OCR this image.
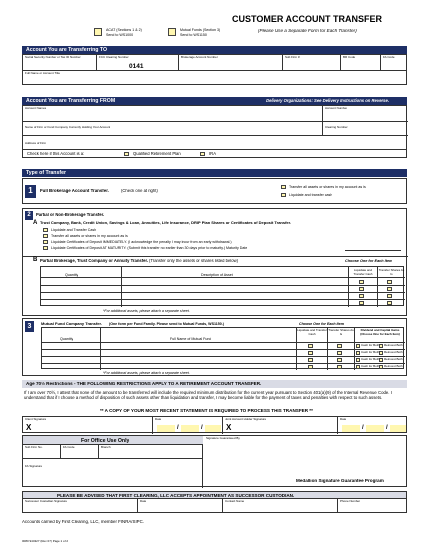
CUSTOMER ACCOUNT TRANSFER
ACAT (Sections 1 & 2)
Send to WS1000
Mutual Funds (Section 3)
Send to WS1150
(Please Use a Separate Form for Each Transfer)
Account You are Transferring TO
Social Security Number or Tax ID Number	FCC Clearing Number
0141
Brokerage Account Number	Sub Firm #	BR Code	FA Code
Full Name or Account Title
Account You are Transferring FROM	Delivery Organizations: See Delivery Instructions on Reverse.
Account Names	Account Number
Name of Firm or Fund Company Currently Holding Your Account	Clearing Number
Address of Firm
Check here if this Account is a:	Qualified Retirement Plan	IRA
Type of Transfer
1	Full Brokerage Account Transfer.	(Check one at right)
Transfer all assets or shares in my account as is
Liquidate and transfer cash
2	Partial or Non-Brokerage Transfer.
A Trust Company, Bank, Credit Union, Savings & Loan, Annuities, Life Insurance, DRIP Plan Shares or Certificates of Deposit Transfer.
Liquidate and Transfer Cash
Transfer all assets or shares in my account as is
Liquidate Certificates of Deposit IMMEDIATELY. (I acknowledge the penalty I may incur from an early withdrawal.)
Liquidate Certificates of Deposit AT MATURITY. (Submit this transfer no earlier than 30 days prior to maturity.) Maturity Date
B Partial Brokerage, Trust Company or Annuity Transfer. (Transfer only the assets or shares listed below)	Choose One for Each Item
Quantity	Description of Asset
Liquidate and Transfer Cash
Transfer Shares As Is
*For additional assets, please attach a separate sheet.
3	Mutual Fund Company Transfer. (One form per Fund Family. Please send to Mutual Funds, WS1150.)	Choose One for Each Item
Quantity	Full Name of Mutual Fund
Liquidate and Transfer Cash
Transfer Shares As Is
Dividend and Capital Gains (Choose One for Each Item)
Cash for Both Reinvest Both
Cash for Both Reinvest Both
Cash for Both Reinvest Both
Cash for Both Reinvest Both
*For additional assets, please attach a separate sheet.
Age 70½ Restrictions - THE FOLLOWING RESTRICTIONS APPLY TO A RETIREMENT ACCOUNT TRANSFER.
If I am over 70½, I attest that none of the amount to be transferred will include the required minimum distribution for the current year pursuant to Section 401(a)(9) of the Internal Revenue Code. I understand that if I choose a method of disposition of such assets other than liquidation and transfer, I may become liable for the payment of taxes and penalties with respect to such assets.
** A COPY OF YOUR MOST RECENT STATEMENT IS REQUIRED TO PROCESS THIS TRANSFER **
Client Signature
X
Date
/	/
Joint Account Holder Signature
X
Date
/	/
For Office Use Only
Sub Firm No.	FA Code	Branch
FA Signature
Signature Guaranteed By
Medallion Signature Guarantee Program
PLEASE BE ADVISED THAT FIRST CLEARING, LLC ACCEPTS APPOINTMENT AS SUCCESSOR CUSTODIAN.
Successor Custodian Signature	Date	Contact Name	Phone Number
Accounts carried by First Clearing, LLC, member FINRA/SIPC.
0080 944327 (Rev 07) Page 1 of 2
